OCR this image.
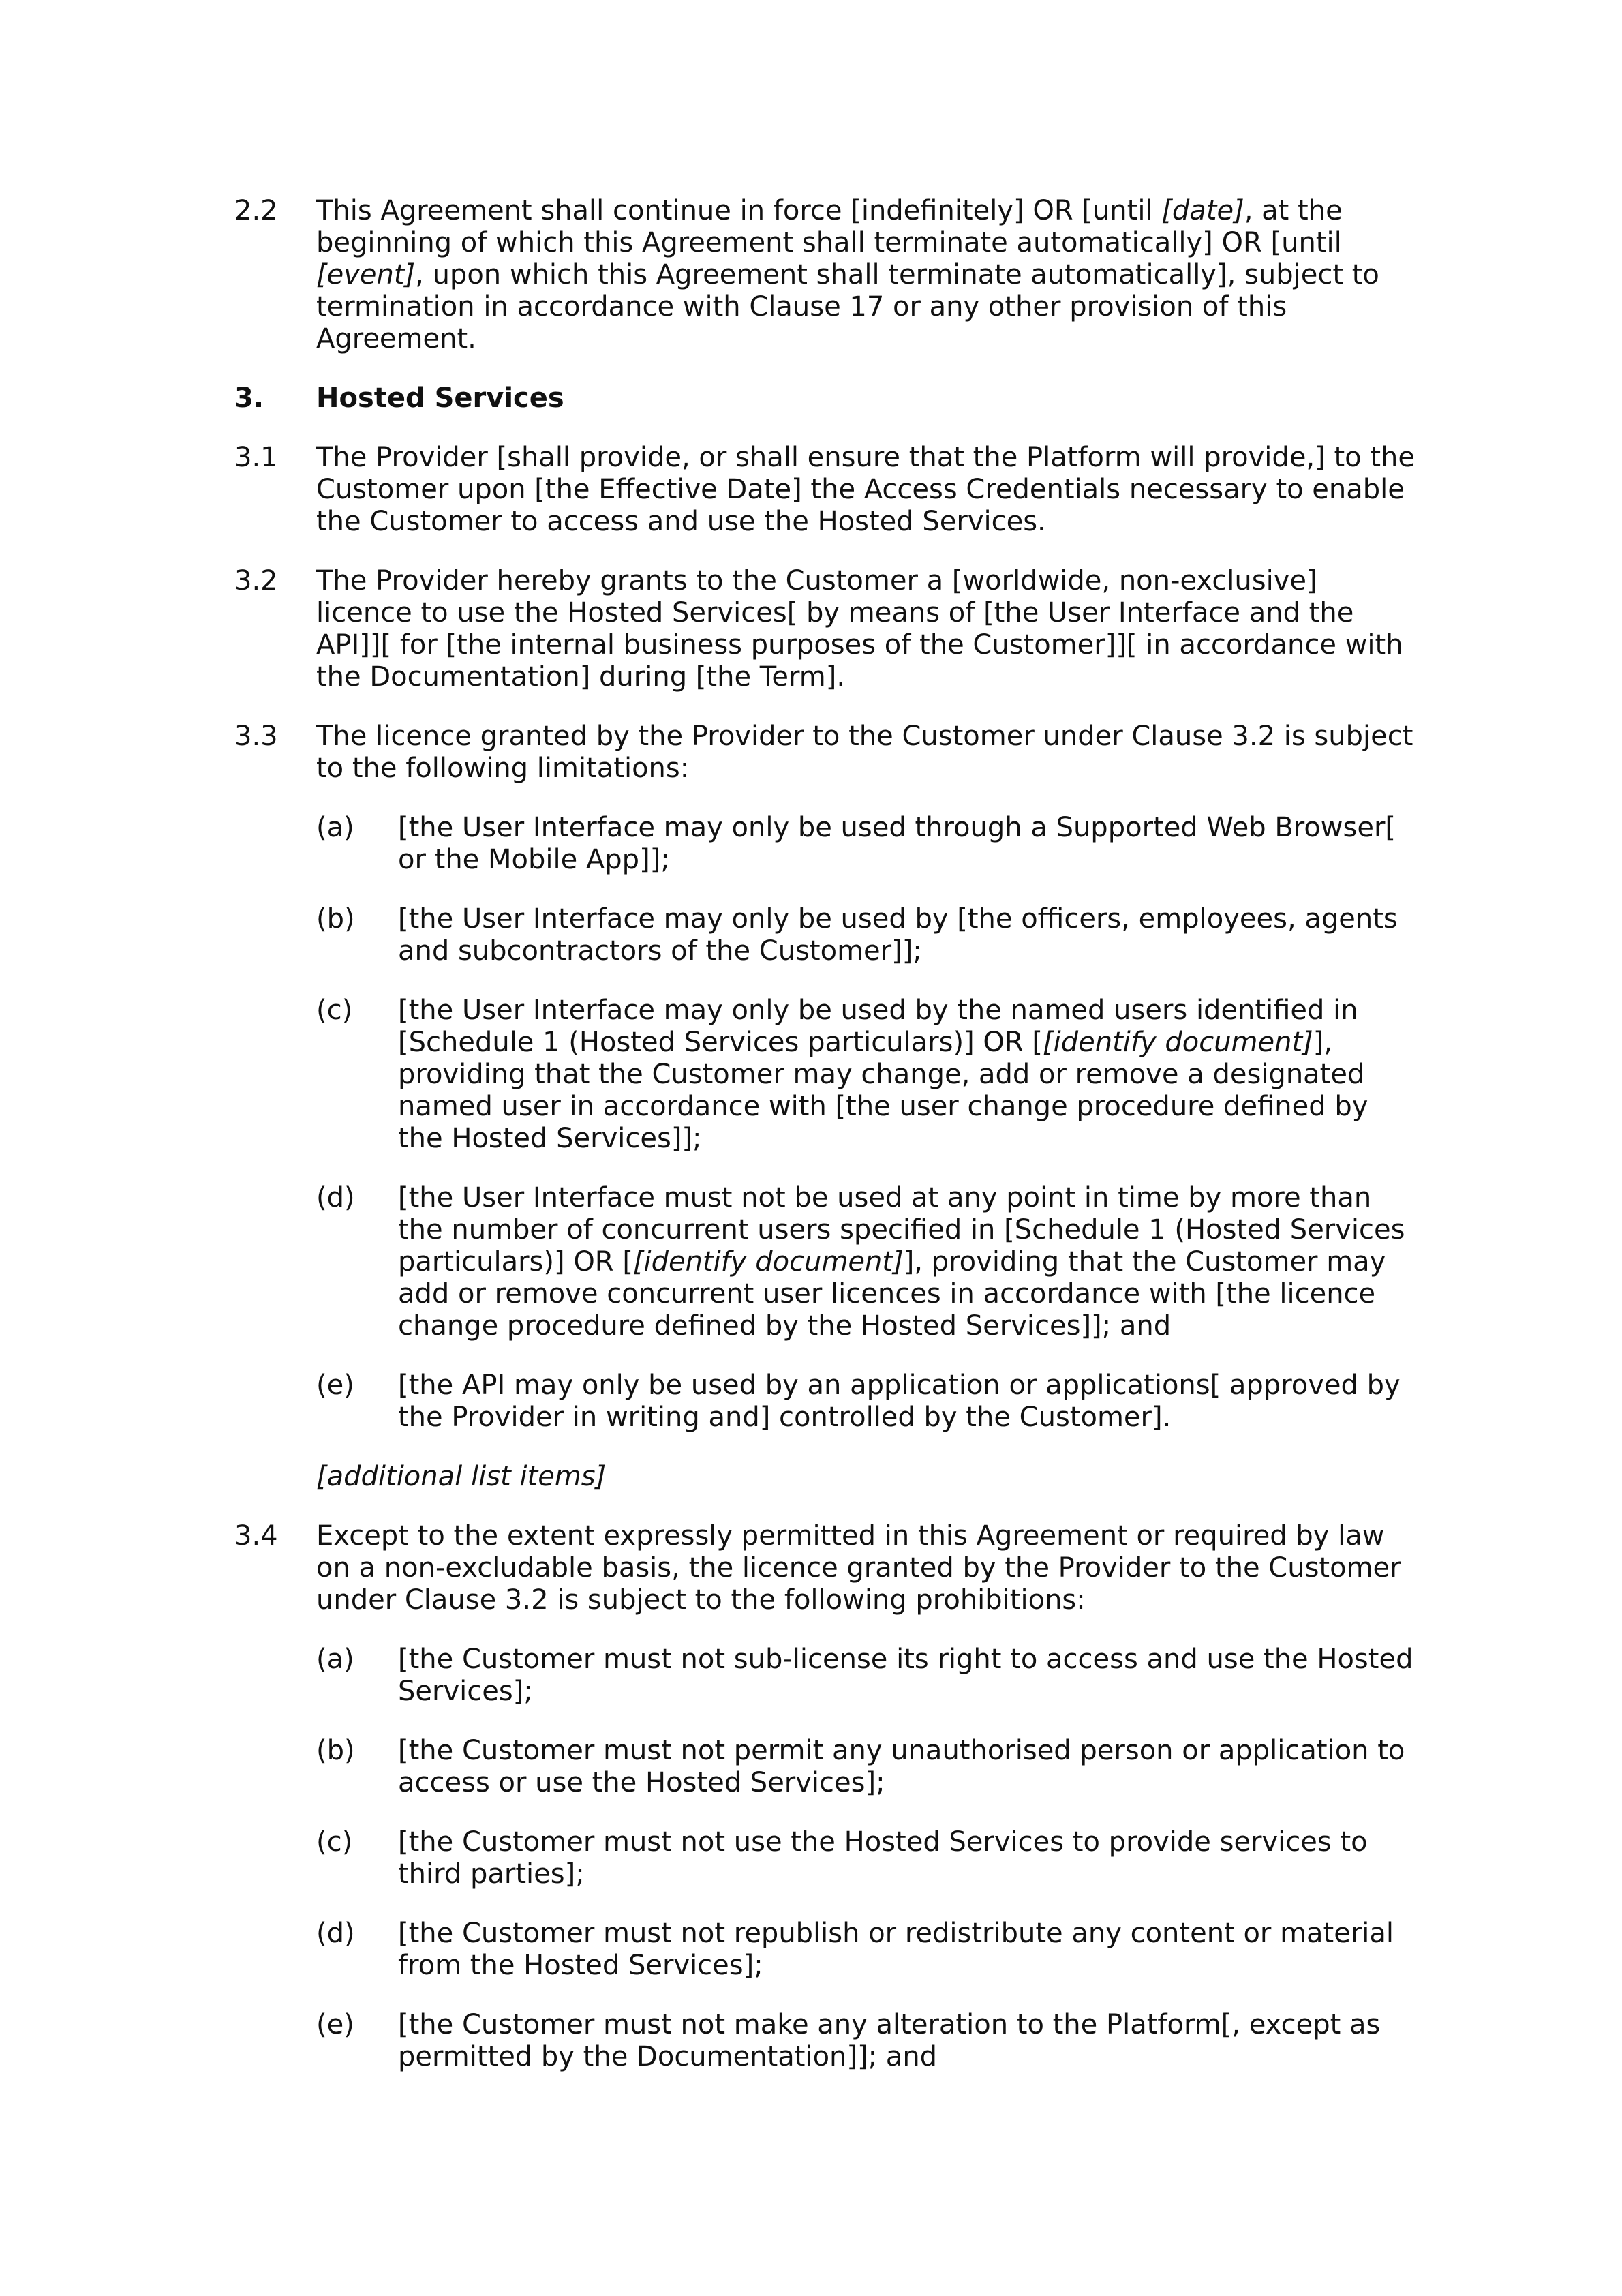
2.2 This Agreement shall continue in force [indefinitely] OR [until [date], at the beginning of which this Agreement shall terminate automatically] OR [until [event], upon which this Agreement shall terminate automatically], subject to termination in accordance with Clause 17 or any other provision of this Agreement.

3. Hosted Services

3.1 The Provider [shall provide, or shall ensure that the Platform will provide,] to the Customer upon [the Effective Date] the Access Credentials necessary to enable the Customer to access and use the Hosted Services.

3.2 The Provider hereby grants to the Customer a [worldwide, non-exclusive] licence to use the Hosted Services[ by means of [the User Interface and the API]][ for [the internal business purposes of the Customer]][ in accordance with the Documentation] during [the Term].

3.3 The licence granted by the Provider to the Customer under Clause 3.2 is subject to the following limitations:

(a) [the User Interface may only be used through a Supported Web Browser[ or the Mobile App]];

(b) [the User Interface may only be used by [the officers, employees, agents and subcontractors of the Customer]];

(c) [the User Interface may only be used by the named users identified in [Schedule 1 (Hosted Services particulars)] OR [[identify document]], providing that the Customer may change, add or remove a designated named user in accordance with [the user change procedure defined by the Hosted Services]];

(d) [the User Interface must not be used at any point in time by more than the number of concurrent users specified in [Schedule 1 (Hosted Services particulars)] OR [[identify document]], providing that the Customer may add or remove concurrent user licences in accordance with [the licence change procedure defined by the Hosted Services]]; and

(e) [the API may only be used by an application or applications[ approved by the Provider in writing and] controlled by the Customer].

[additional list items]

3.4 Except to the extent expressly permitted in this Agreement or required by law on a non-excludable basis, the licence granted by the Provider to the Customer under Clause 3.2 is subject to the following prohibitions:

(a) [the Customer must not sub-license its right to access and use the Hosted Services];

(b) [the Customer must not permit any unauthorised person or application to access or use the Hosted Services];

(c) [the Customer must not use the Hosted Services to provide services to third parties];

(d) [the Customer must not republish or redistribute any content or material from the Hosted Services];

(e) [the Customer must not make any alteration to the Platform[, except as permitted by the Documentation]]; and
